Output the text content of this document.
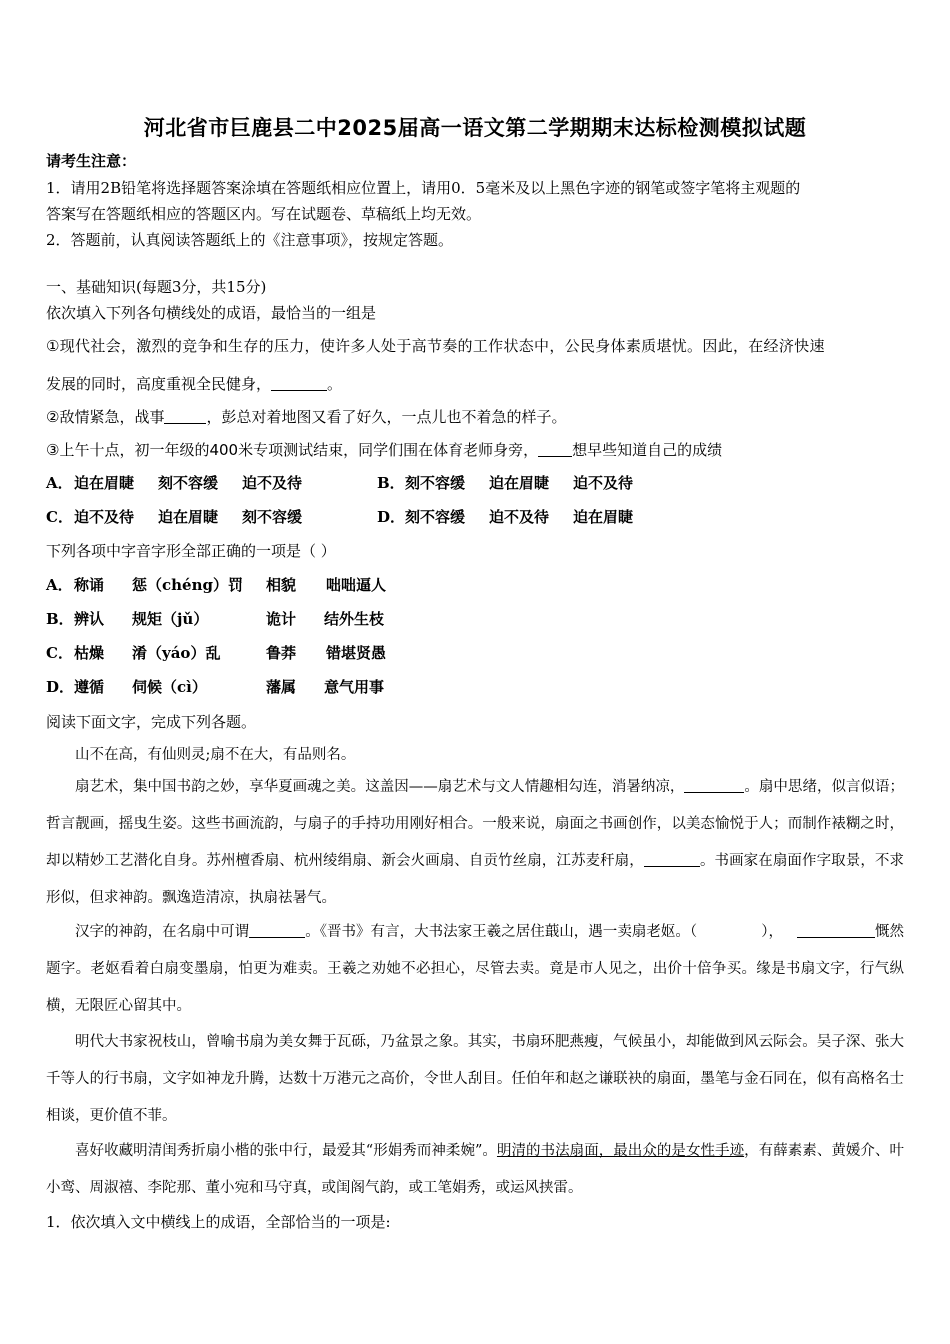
河北省市巨鹿县二中2025届高一语文第二学期期末达标检测模拟试题
请考生注意：
1．请用2B铅笔将选择题答案涂填在答题纸相应位置上，请用0．5毫米及以上黑色字迹的钢笔或签字笔将主观题的
答案写在答题纸相应的答题区内。写在试题卷、草稿纸上均无效。
2．答题前，认真阅读答题纸上的《注意事项》，按规定答题。
一、基础知识(每题3分，共15分)
依次填入下列各句横线处的成语，最恰当的一组是
①现代社会，激烈的竞争和生存的压力，使许多人处于高节奏的工作状态中，公民身体素质堪忧。因此，在经济快速
发展的同时，高度重视全民健身，	。
②敌情紧急，战事	，彭总对着地图又看了好久，一点儿也不着急的样子。
③上午十点，初一年级的400米专项测试结束，同学们围在体育老师身旁， 想早些知道自己的成绩
A．迫在眉睫 刻不容缓 迫不及待	B．刻不容缓 迫在眉睫 迫不及待
C．迫不及待 迫在眉睫 刻不容缓	D．刻不容缓 迫不及待 迫在眉睫
下列各项中字音字形全部正确的一项是（ ）
A．称诵 惩（chéng）罚 相貌 咄咄逼人
B．辨认 规矩（jǔ）	诡计 结外生枝
C．枯燥 淆（yáo）乱	鲁莽 错堪贤愚
D．遵循 伺候（cì）	藩属 意气用事
阅读下面文字，完成下列各题。
山不在高，有仙则灵;扇不在大，有品则名。
扇艺术，集中国书韵之妙，享华夏画魂之美。这盖因——扇艺术与文人情趣相勾连，消暑纳凉，	。扇中思绪，似言似语；哲言靓画，摇曳生姿。这些书画流韵，与扇子的手持功用刚好相合。一般来说，扇面之书画创作，以美态愉悦于人；而制作裱糊之时，却以精妙工艺潜化自身。苏州檀香扇、杭州绫绢扇、新会火画扇、自贡竹丝扇，江苏麦秆扇，	。书画家在扇面作字取景，不求形似，但求神韵。飘逸造清凉，执扇祛暑气。
汉字的神韵，在名扇中可谓	。《晋书》有言，大书法家王羲之居住蕺山，遇一卖扇老妪。（	），	慨然题字。老妪看着白扇变墨扇，怕更为难卖。王羲之劝她不必担心，尽管去卖。竟是市人见之，出价十倍争买。缘是书扇文字，行气纵横，无限匠心留其中。
明代大书家祝枝山，曾喻书扇为美女舞于瓦砾，乃盆景之象。其实，书扇环肥燕瘦，气候虽小，却能做到风云际会。吴子深、张大千等人的行书扇，文字如神龙升腾，达数十万港元之高价，令世人刮目。任伯年和赵之谦联袂的扇面，墨笔与金石同在，似有高格名士相谈，更价值不菲。
喜好收藏明清闺秀折扇小楷的张中行，最爱其“形娟秀而神柔婉”。明清的书法扇面，最出众的是女性手迹，有薛素素、黄媛介、叶小鸾、周淑禧、李陀那、董小宛和马守真，或闺阁气韵，或工笔娟秀，或运风挟雷。
1．依次填入文中横线上的成语，全部恰当的一项是:
